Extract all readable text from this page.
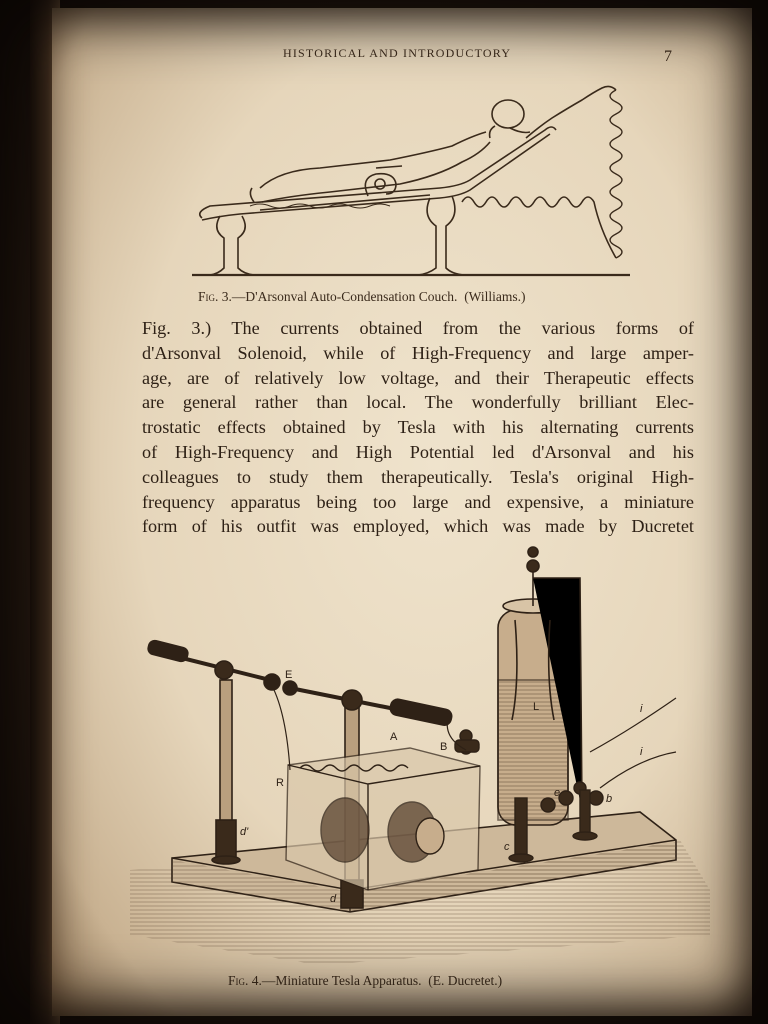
HISTORICAL AND INTRODUCTORY	7
Fig. 3.—D'Arsonval Auto-Condensation Couch. (Williams.)
Fig. 3.) The currents obtained from the various forms of
d'Arsonval Solenoid, while of High-Frequency and large amper-
age, are of relatively low voltage, and their Therapeutic effects
are general rather than local. The wonderfully brilliant Elec-
trostatic effects obtained by Tesla with his alternating currents
of High-Frequency and High Potential led d'Arsonval and his
colleagues to study them therapeutically. Tesla's original High-
frequency apparatus being too large and expensive, a miniature
form of his outfit was employed, which was made by Ducretet
E
A
B
L
R
d'
d
c
e	b
i
i
Fig. 4.—Miniature Tesla Apparatus. (E. Ducretet.)
